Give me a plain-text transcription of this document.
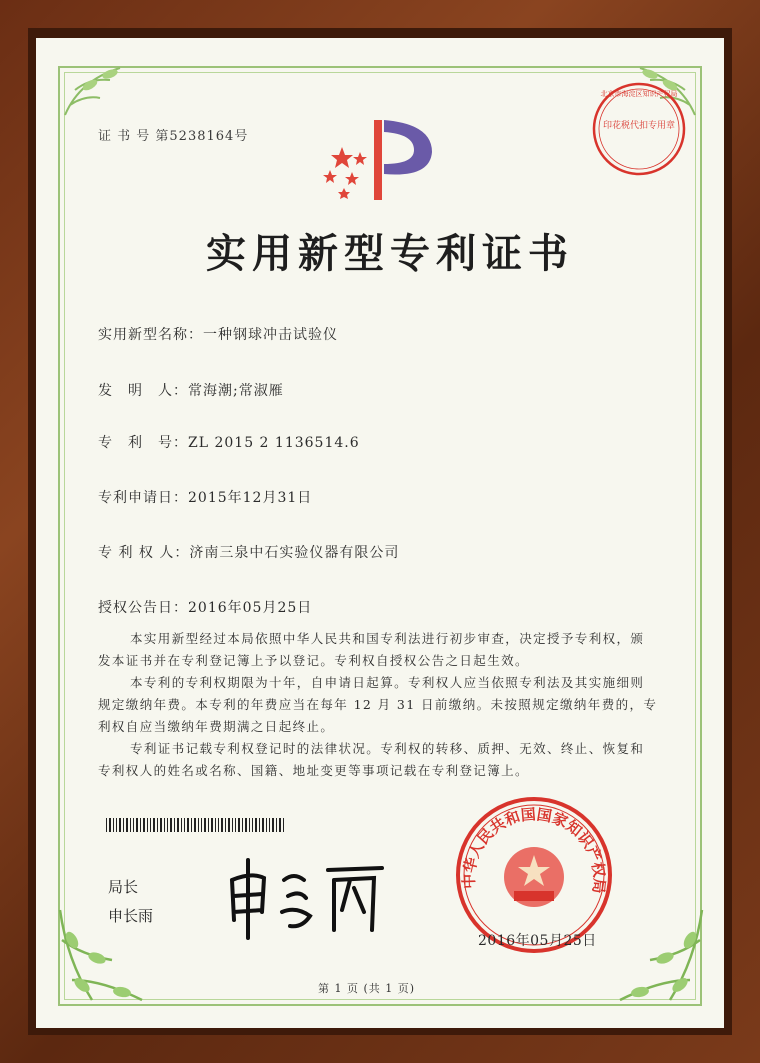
证 书 号 第5238164号
印花税代扣专用章
北京市海淀区知识产权局
实用新型专利证书
实用新型名称：一种钢球冲击试验仪
发　明　人：常海潮;常淑雁
专　利　号：ZL 2015 2 1136514.6
专利申请日：2015年12月31日
专 利 权 人：济南三泉中石实验仪器有限公司
授权公告日：2016年05月25日
本实用新型经过本局依照中华人民共和国专利法进行初步审查，决定授予专利权，颁
发本证书并在专利登记簿上予以登记。专利权自授权公告之日起生效。
本专利的专利权期限为十年，自申请日起算。专利权人应当依照专利法及其实施细则
规定缴纳年费。本专利的年费应当在每年 12 月 31 日前缴纳。未按照规定缴纳年费的，专
利权自应当缴纳年费期满之日起终止。
专利证书记载专利权登记时的法律状况。专利权的转移、质押、无效、终止、恢复和
专利权人的姓名或名称、国籍、地址变更等事项记载在专利登记簿上。
局长
申长雨
中华人民共和国国家知识产权局
2016年05月25日
第 1 页 (共 1 页)
